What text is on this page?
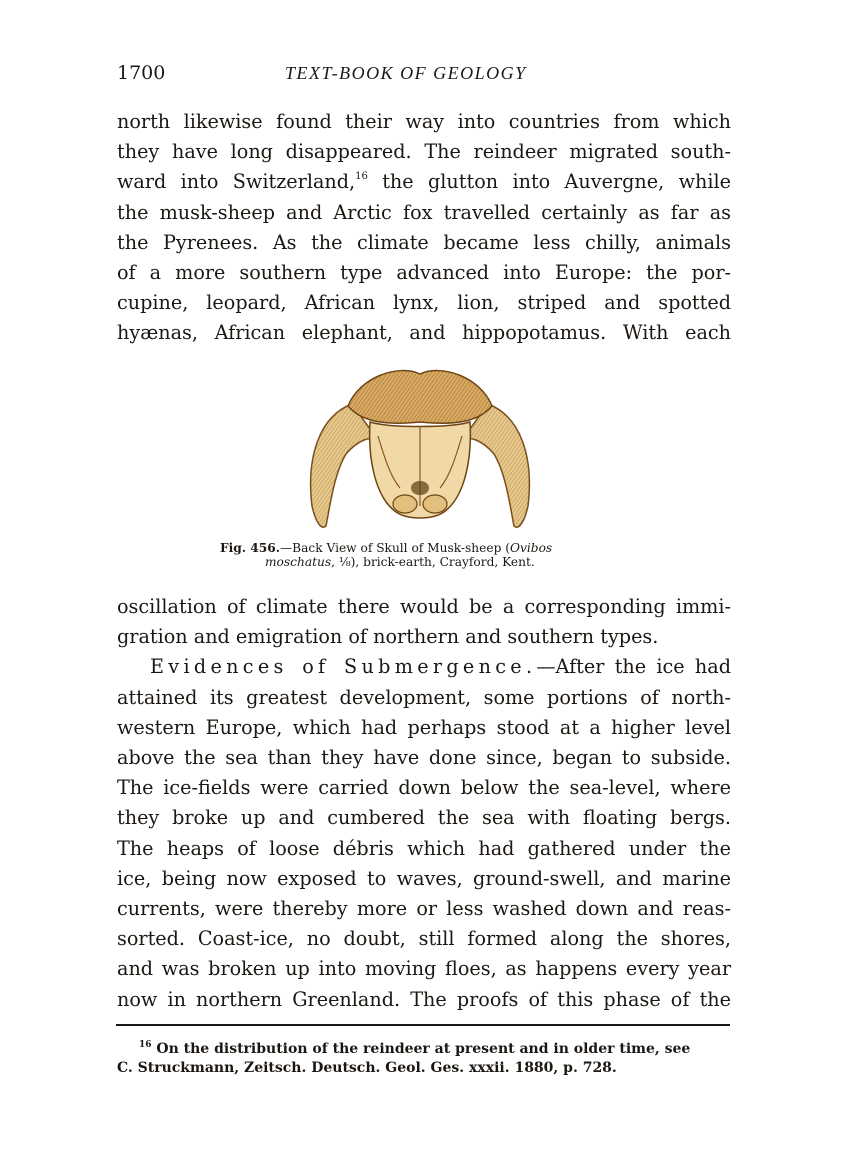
1700	TEXT-BOOK OF GEOLOGY
north likewise found their way into countries from which
they have long disappeared. The reindeer migrated south-
ward into Switzerland,$^{16}$ the glutton into Auvergne, while
the musk-sheep and Arctic fox travelled certainly as far as
the Pyrenees. As the climate became less chilly, animals
of a more southern type advanced into Europe: the por-
cupine, leopard, African lynx, lion, striped and spotted
hyænas, African elephant, and hippopotamus. With each
Fig. 456.—Back View of Skull of Musk-sheep (Ovibos
moschatus, ⅛), brick-earth, Crayford, Kent.
oscillation of climate there would be a corresponding immi-
gration and emigration of northern and southern types.
Evidences of Submergence.—After the ice had
attained its greatest development, some portions of north-
western Europe, which had perhaps stood at a higher level
above the sea than they have done since, began to subside.
The ice-fields were carried down below the sea-level, where
they broke up and cumbered the sea with floating bergs.
The heaps of loose débris which had gathered under the
ice, being now exposed to waves, ground-swell, and marine
currents, were thereby more or less washed down and reas-
sorted. Coast-ice, no doubt, still formed along the shores,
and was broken up into moving floes, as happens every year
now in northern Greenland. The proofs of this phase of the
$^{16}$ On the distribution of the reindeer at present and in older time, see
C. Struckmann, Zeitsch. Deutsch. Geol. Ges. xxxii. 1880, p. 728.
